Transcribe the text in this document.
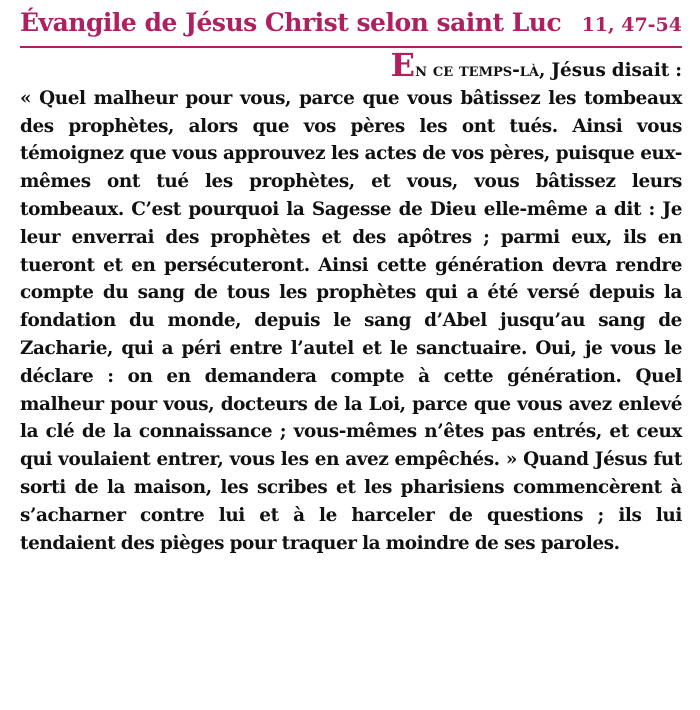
Évangile de Jésus Christ selon saint Luc 11, 47-54
En ce temps-là, Jésus disait :
« Quel malheur pour vous, parce que vous bâtissez les tombeaux des prophètes, alors que vos pères les ont tués. Ainsi vous témoignez que vous approuvez les actes de vos pères, puisque eux-mêmes ont tué les prophètes, et vous, vous bâtissez leurs tombeaux. C’est pourquoi la Sagesse de Dieu elle-même a dit : Je leur enverrai des prophètes et des apôtres ; parmi eux, ils en tueront et en persécuteront. Ainsi cette génération devra rendre compte du sang de tous les prophètes qui a été versé depuis la fondation du monde, depuis le sang d’Abel jusqu’au sang de Zacharie, qui a péri entre l’autel et le sanctuaire. Oui, je vous le déclare : on en demandera compte à cette génération. Quel malheur pour vous, docteurs de la Loi, parce que vous avez enlevé la clé de la connaissance ; vous-mêmes n’êtes pas entrés, et ceux qui voulaient entrer, vous les en avez empêchés. » Quand Jésus fut sorti de la maison, les scribes et les pharisiens commencèrent à s’acharner contre lui et à le harceler de questions ; ils lui tendaient des pièges pour traquer la moindre de ses paroles.
